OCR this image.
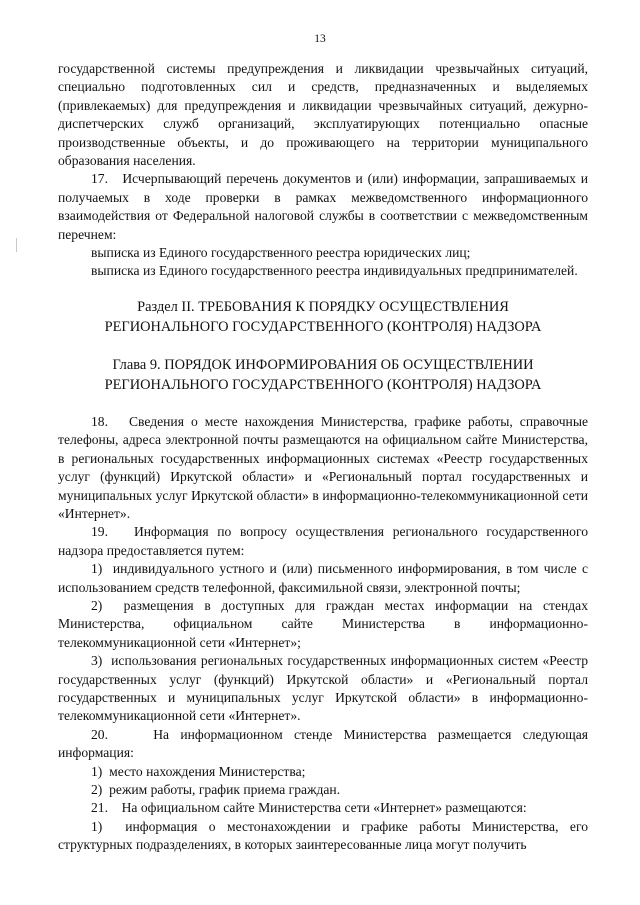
13

государственной системы предупреждения и ликвидации чрезвычайных ситуаций, специально подготовленных сил и средств, предназначенных и выделяемых (привлекаемых) для предупреждения и ликвидации чрезвычайных ситуаций, дежурно-диспетчерских служб организаций, эксплуатирующих потенциально опасные производственные объекты, и до проживающего на территории муниципального образования населения.

17.   Исчерпывающий перечень документов и (или) информации, запрашиваемых и получаемых в ходе проверки в рамках межведомственного информационного взаимодействия от Федеральной налоговой службы в соответствии с межведомственным перечнем:

выписка из Единого государственного реестра юридических лиц;

выписка из Единого государственного реестра индивидуальных предпринимателей.

Раздел II. ТРЕБОВАНИЯ К ПОРЯДКУ ОСУЩЕСТВЛЕНИЯ
РЕГИОНАЛЬНОГО ГОСУДАРСТВЕННОГО (КОНТРОЛЯ) НАДЗОРА

Глава 9. ПОРЯДОК ИНФОРМИРОВАНИЯ ОБ ОСУЩЕСТВЛЕНИИ
РЕГИОНАЛЬНОГО ГОСУДАРСТВЕННОГО (КОНТРОЛЯ) НАДЗОРА

18.   Сведения о месте нахождения Министерства, графике работы, справочные телефоны, адреса электронной почты размещаются на официальном сайте Министерства, в региональных государственных информационных системах «Реестр государственных услуг (функций) Иркутской области» и «Региональный портал государственных и муниципальных услуг Иркутской области» в информационно-телекоммуникационной сети «Интернет».

19.   Информация по вопросу осуществления регионального государственного надзора предоставляется путем:

1)  индивидуального устного и (или) письменного информирования, в том числе с использованием средств телефонной, факсимильной связи, электронной почты;

2)  размещения в доступных для граждан местах информации на стендах Министерства, официальном сайте Министерства в информационно-телекоммуникационной сети «Интернет»;

3)  использования региональных государственных информационных систем «Реестр государственных услуг (функций) Иркутской области» и «Региональный портал государственных и муниципальных услуг Иркутской области» в информационно-телекоммуникационной сети «Интернет».

20.    На информационном стенде Министерства размещается следующая информация:

1)  место нахождения Министерства;

2)  режим работы, график приема граждан.

21.    На официальном сайте Министерства сети «Интернет» размещаются:

1)  информация о местонахождении и графике работы Министерства, его структурных подразделениях, в которых заинтересованные лица могут получить
